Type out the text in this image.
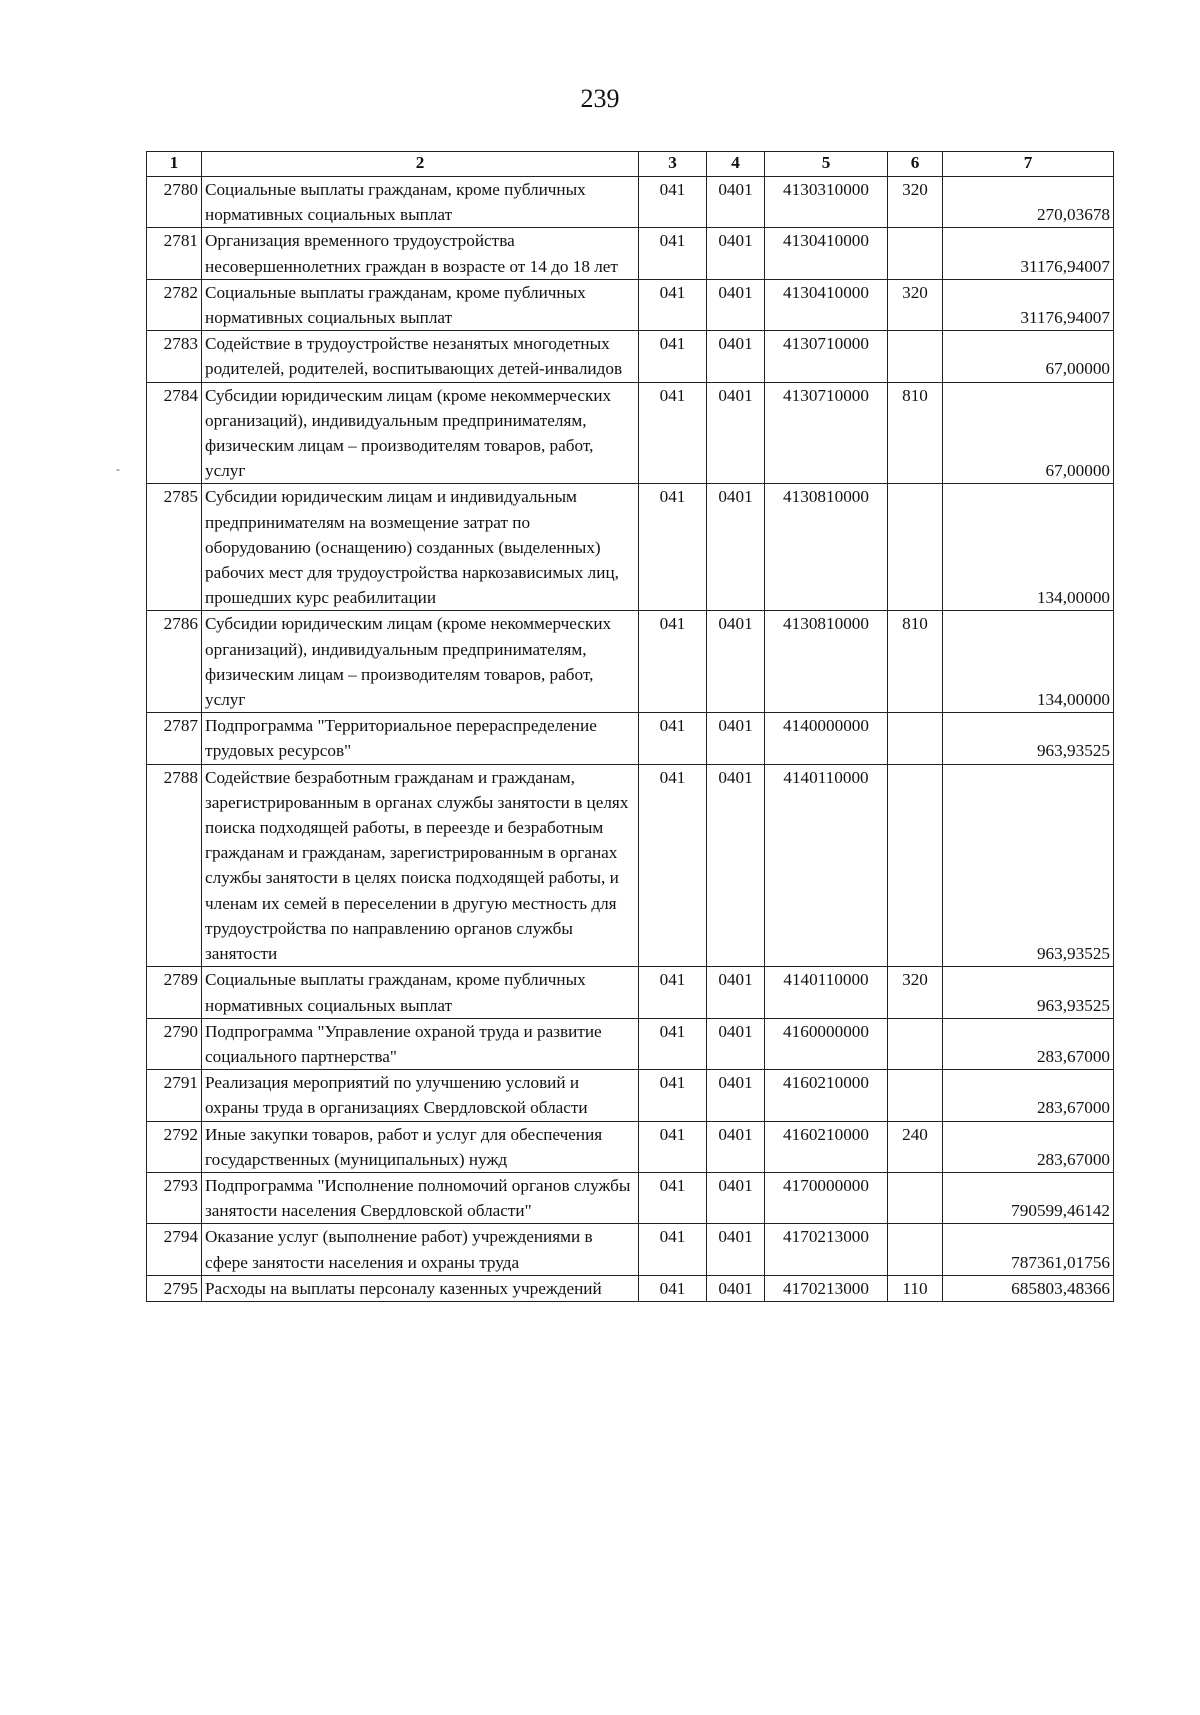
239
-
1	2	3	4	5	6	7
2780	Социальные выплаты гражданам, кроме публичных нормативных социальных выплат	041	0401	4130310000	320	270,03678
2781	Организация временного трудоустройства несовершеннолетних граждан в возрасте от 14 до 18 лет	041	0401	4130410000		31176,94007
2782	Социальные выплаты гражданам, кроме публичных нормативных социальных выплат	041	0401	4130410000	320	31176,94007
2783	Содействие в трудоустройстве незанятых многодетных родителей, родителей, воспитывающих детей-инвалидов	041	0401	4130710000		67,00000
2784	Субсидии юридическим лицам (кроме некоммерческих организаций), индивидуальным предпринимателям, физическим лицам – производителям товаров, работ, услуг	041	0401	4130710000	810	67,00000
2785	Субсидии юридическим лицам и индивидуальным предпринимателям на возмещение затрат по оборудованию (оснащению) созданных (выделенных) рабочих мест для трудоустройства наркозависимых лиц, прошедших курс реабилитации	041	0401	4130810000		134,00000
2786	Субсидии юридическим лицам (кроме некоммерческих организаций), индивидуальным предпринимателям, физическим лицам – производителям товаров, работ, услуг	041	0401	4130810000	810	134,00000
2787	Подпрограмма "Территориальное перераспределение трудовых ресурсов"	041	0401	4140000000		963,93525
2788	Содействие безработным гражданам и гражданам, зарегистрированным в органах службы занятости в целях поиска подходящей работы, в переезде и безработным гражданам и гражданам, зарегистрированным в органах службы занятости в целях поиска подходящей работы, и членам их семей в переселении в другую местность для трудоустройства по направлению органов службы занятости	041	0401	4140110000		963,93525
2789	Социальные выплаты гражданам, кроме публичных нормативных социальных выплат	041	0401	4140110000	320	963,93525
2790	Подпрограмма "Управление охраной труда и развитие социального партнерства"	041	0401	4160000000		283,67000
2791	Реализация мероприятий по улучшению условий и охраны труда в организациях Свердловской области	041	0401	4160210000		283,67000
2792	Иные закупки товаров, работ и услуг для обеспечения государственных (муниципальных) нужд	041	0401	4160210000	240	283,67000
2793	Подпрограмма "Исполнение полномочий органов службы занятости населения Свердловской области"	041	0401	4170000000		790599,46142
2794	Оказание услуг (выполнение работ) учреждениями в сфере занятости населения и охраны труда	041	0401	4170213000		787361,01756
2795	Расходы на выплаты персоналу казенных учреждений	041	0401	4170213000	110	685803,48366
